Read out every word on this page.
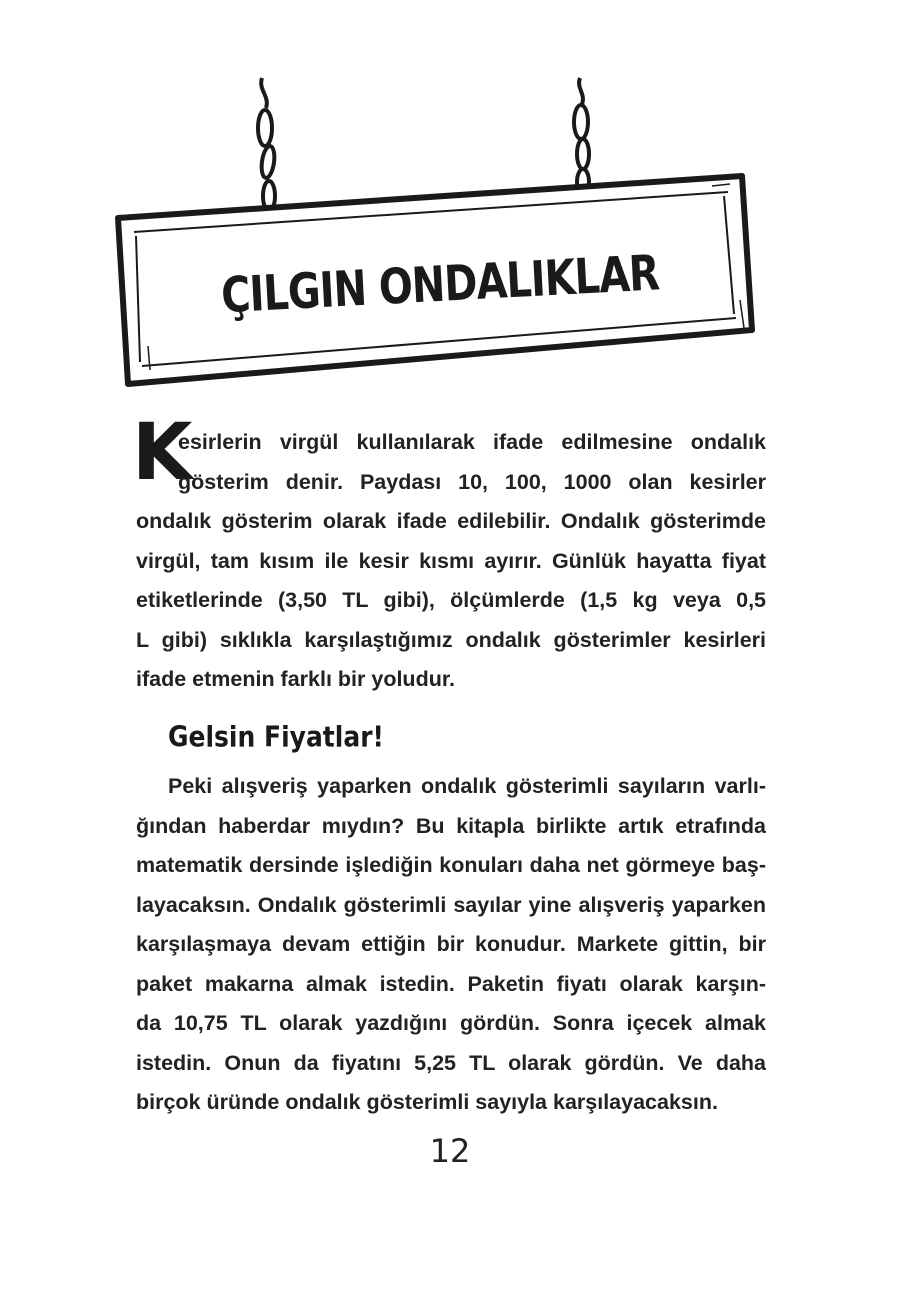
ÇILGIN ONDALIKLAR
K
esirlerin virgül kullanılarak ifade edilmesine ondalık
gösterim denir. Paydası 10, 100, 1000 olan kesirler
ondalık gösterim olarak ifade edilebilir. Ondalık gösterimde
virgül, tam kısım ile kesir kısmı ayırır. Günlük hayatta fiyat
etiketlerinde (3,50 TL gibi), ölçümlerde (1,5 kg veya 0,5
L gibi) sıklıkla karşılaştığımız ondalık gösterimler kesirleri
ifade etmenin farklı bir yoludur.
Gelsin Fiyatlar!
Peki alışveriş yaparken ondalık gösterimli sayıların varlı-
ğından haberdar mıydın? Bu kitapla birlikte artık etrafında
matematik dersinde işlediğin konuları daha net görmeye baş-
layacaksın. Ondalık gösterimli sayılar yine alışveriş yaparken
karşılaşmaya devam ettiğin bir konudur. Markete gittin, bir
paket makarna almak istedin. Paketin fiyatı olarak karşın-
da 10,75 TL olarak yazdığını gördün. Sonra içecek almak
istedin. Onun da fiyatını 5,25 TL olarak gördün. Ve daha
birçok üründe ondalık gösterimli sayıyla karşılayacaksın.
12
